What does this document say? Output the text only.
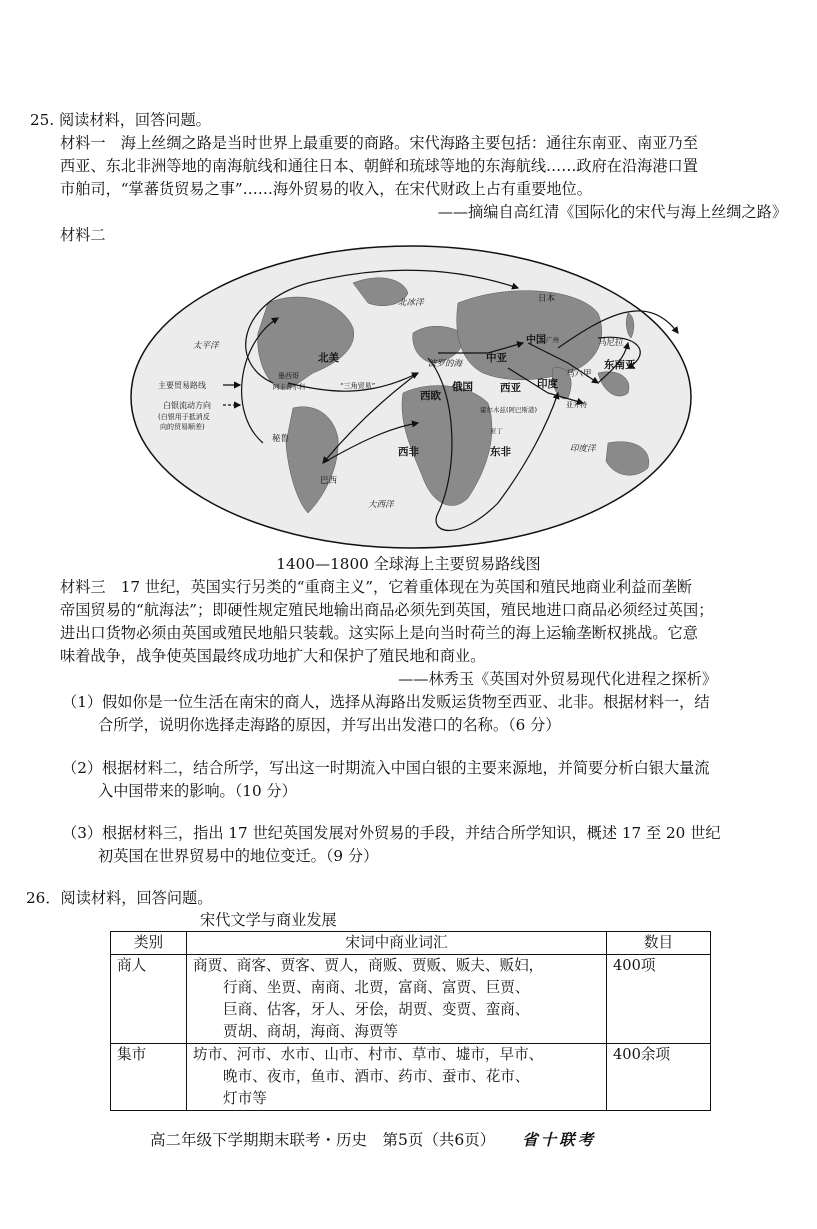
25. 阅读材料，回答问题。
材料一　海上丝绸之路是当时世界上最重要的商路。宋代海路主要包括：通往东南亚、南亚乃至
西亚、东北非洲等地的南海航线和通往日本、朝鲜和琉球等地的东海航线……政府在沿海港口置
市舶司，“掌蕃货贸易之事”……海外贸易的收入，在宋代财政上占有重要地位。
——摘编自高红清《国际化的宋代与海上丝绸之路》
材料二
太平洋
北冰洋	日本
中国 广州	马尼拉
东南亚
马六甲
印度
中亚
西亚
俄国
波罗的海
西欧
北美
墨西哥
阿卡普尔科	“三角贸易”
西非	东非
巴西
秘鲁
大西洋
印度洋
亚齐特
霍尔木兹(阿巴斯港)
亚丁
主要贸易路线
白银流动方向
(白银用于抵消反
向的贸易顺差)
1400—1800 全球海上主要贸易路线图
材料三　17 世纪，英国实行另类的“重商主义”，它着重体现在为英国和殖民地商业利益而垄断
帝国贸易的“航海法”；即硬性规定殖民地输出商品必须先到英国，殖民地进口商品必须经过英国；
进出口货物必须由英国或殖民地船只装载。这实际上是向当时荷兰的海上运输垄断权挑战。它意
味着战争，战争使英国最终成功地扩大和保护了殖民地和商业。
——林秀玉《英国对外贸易现代化进程之探析》
（1）假如你是一位生活在南宋的商人，选择从海路出发贩运货物至西亚、北非。根据材料一，结
合所学，说明你选择走海路的原因，并写出出发港口的名称。（6 分）
（2）根据材料二，结合所学，写出这一时期流入中国白银的主要来源地，并简要分析白银大量流
入中国带来的影响。（10 分）
（3）根据材料三，指出 17 世纪英国发展对外贸易的手段，并结合所学知识，概述 17 至 20 世纪
初英国在世界贸易中的地位变迁。（9 分）
26．阅读材料，回答问题。
宋代文学与商业发展
类别	宋词中商业词汇	数目
商人	商贾、商客、贾客、贾人，商贩、贾贩、贩夫、贩妇，
行商、坐贾、南商、北贾，富商、富贾、巨贾、
巨商、估客，牙人、牙侩，胡贾、变贾、蛮商、
贾胡、商胡，海商、海贾等	400项
集市	坊市、河市、水市、山市、村市、草市、墟市，早市、
晚市、夜市，鱼市、酒市、药市、蚕市、花市、
灯市等	400余项
高二年级下学期期末联考・历史　第5页（共6页） 省十联考
